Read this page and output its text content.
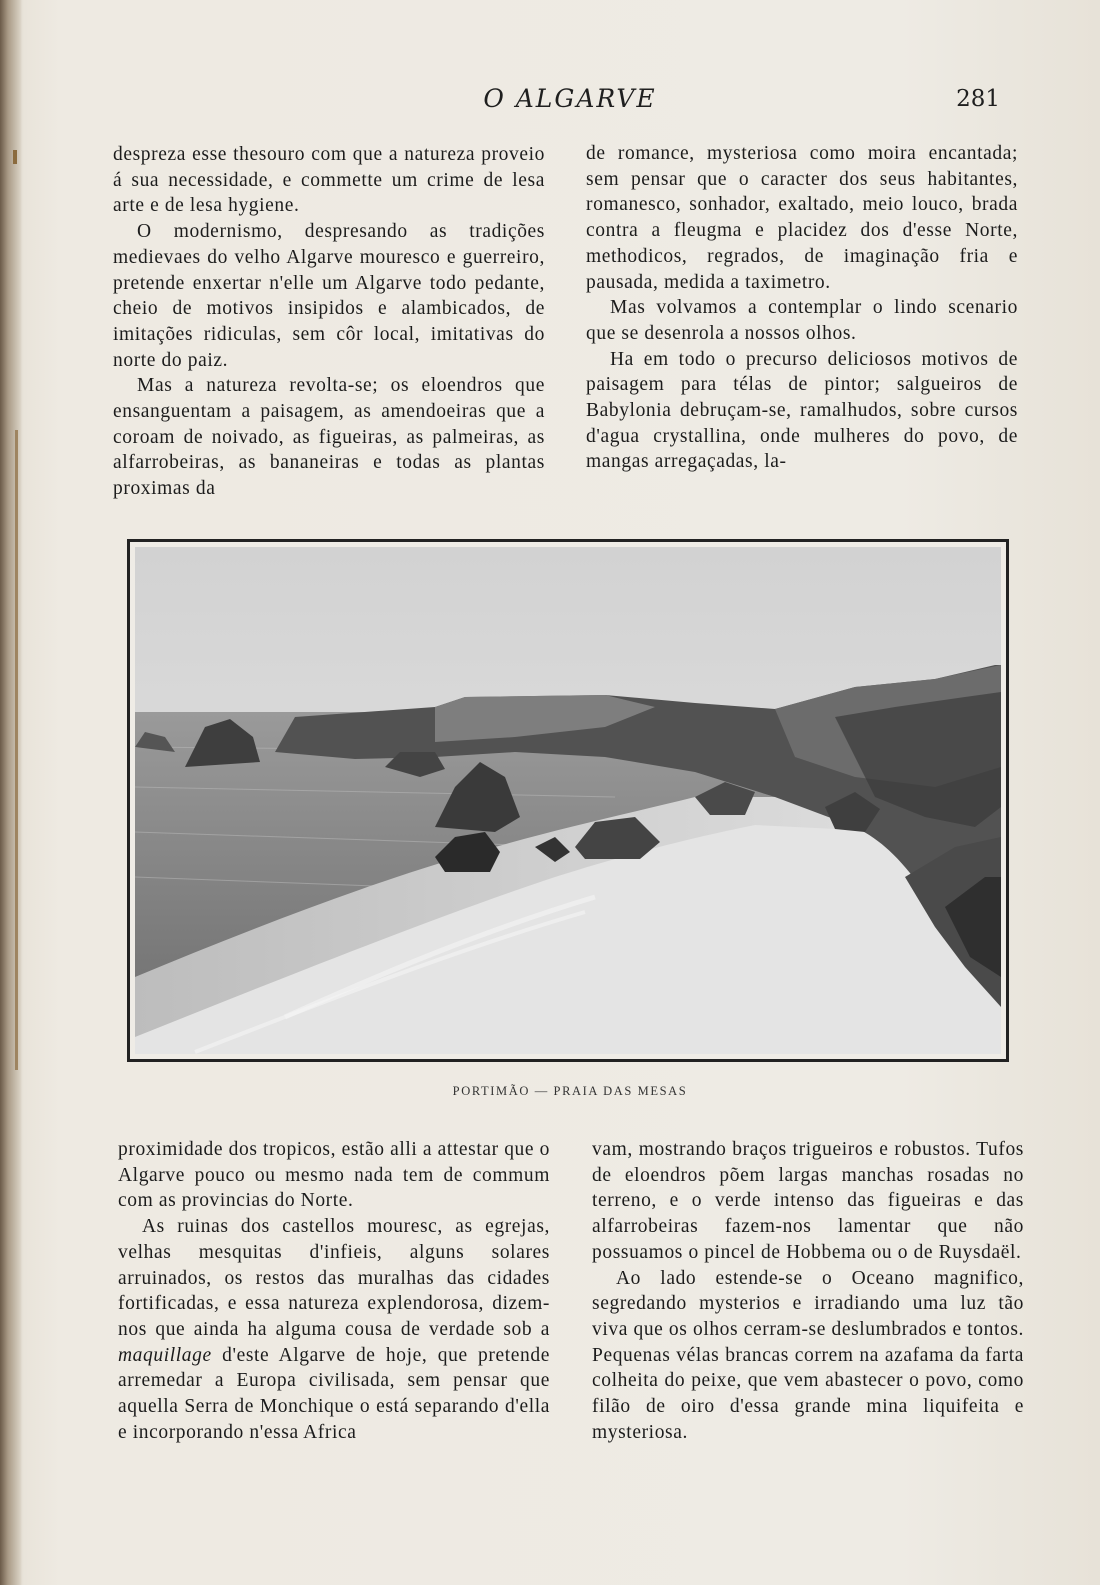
O ALGARVE	281

despreza esse thesouro com que a natureza proveio á sua necessidade, e commette um crime de lesa arte e de lesa hygiene.

O modernismo, despresando as tradições medievaes do velho Algarve mouresco e guerreiro, pretende enxertar n'elle um Algarve todo pedante, cheio de motivos insipidos e alambicados, de imitações ridiculas, sem côr local, imitativas do norte do paiz.

Mas a natureza revolta-se; os eloendros que ensanguentam a paisagem, as amendoeiras que a coroam de noivado, as figueiras, as palmeiras, as alfarrobeiras, as bananeiras e todas as plantas proximas da

de romance, mysteriosa como moira encantada; sem pensar que o caracter dos seus habitantes, romanesco, sonhador, exaltado, meio louco, brada contra a fleugma e placidez dos d'esse Norte, methodicos, regrados, de imaginação fria e pausada, medida a taximetro.

Mas volvamos a contemplar o lindo scenario que se desenrola a nossos olhos.

Ha em todo o precurso deliciosos motivos de paisagem para télas de pintor; salgueiros de Babylonia debruçam-se, ramalhudos, sobre cursos d'agua crystallina, onde mulheres do povo, de mangas arregaçadas, la-

PORTIMÃO — PRAIA DAS MESAS

proximidade dos tropicos, estão alli a attestar que o Algarve pouco ou mesmo nada tem de commum com as provincias do Norte.

As ruinas dos castellos mouresc, as egrejas, velhas mesquitas d'infieis, alguns solares arruinados, os restos das muralhas das cidades fortificadas, e essa natureza explendorosa, dizem-nos que ainda ha alguma cousa de verdade sob a maquillage d'este Algarve de hoje, que pretende arremedar a Europa civilisada, sem pensar que aquella Serra de Monchique o está separando d'ella e incorporando n'essa Africa

vam, mostrando braços trigueiros e robustos. Tufos de eloendros põem largas manchas rosadas no terreno, e o verde intenso das figueiras e das alfarrobeiras fazem-nos lamentar que não possuamos o pincel de Hobbema ou o de Ruysdaël.

Ao lado estende-se o Oceano magnifico, segredando mysterios e irradiando uma luz tão viva que os olhos cerram-se deslumbrados e tontos. Pequenas vélas brancas correm na azafama da farta colheita do peixe, que vem abastecer o povo, como filão de oiro d'essa grande mina liquifeita e mysteriosa.
